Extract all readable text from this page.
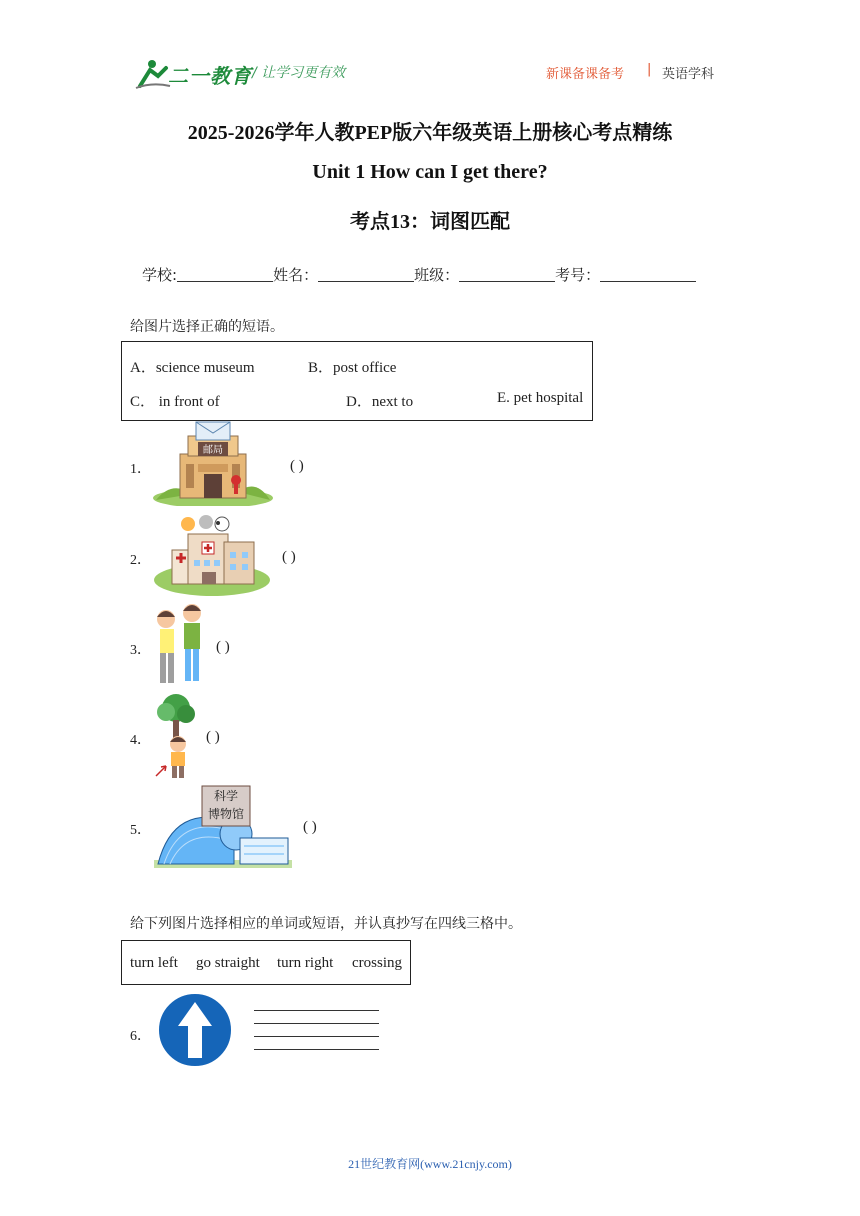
二一教育 / 让学习更有效	新课备课备考 | 英语学科
2025-2026学年人教PEP版六年级英语上册核心考点精练
Unit 1 How can I get there?
考点13：词图匹配
学校:	姓名：	班级：	考号：
给图片选择正确的短语。
A．science museum	B．post office
C． in front of	D．next to	E. pet hospital
1．
邮局
( )
2．	( )
3．	( )
4．	( )
5．
科学
博物馆
( )
给下列图片选择相应的单词或短语，并认真抄写在四线三格中。
turn left go straight turn right crossing
6．
21世纪教育网(www.21cnjy.com)
